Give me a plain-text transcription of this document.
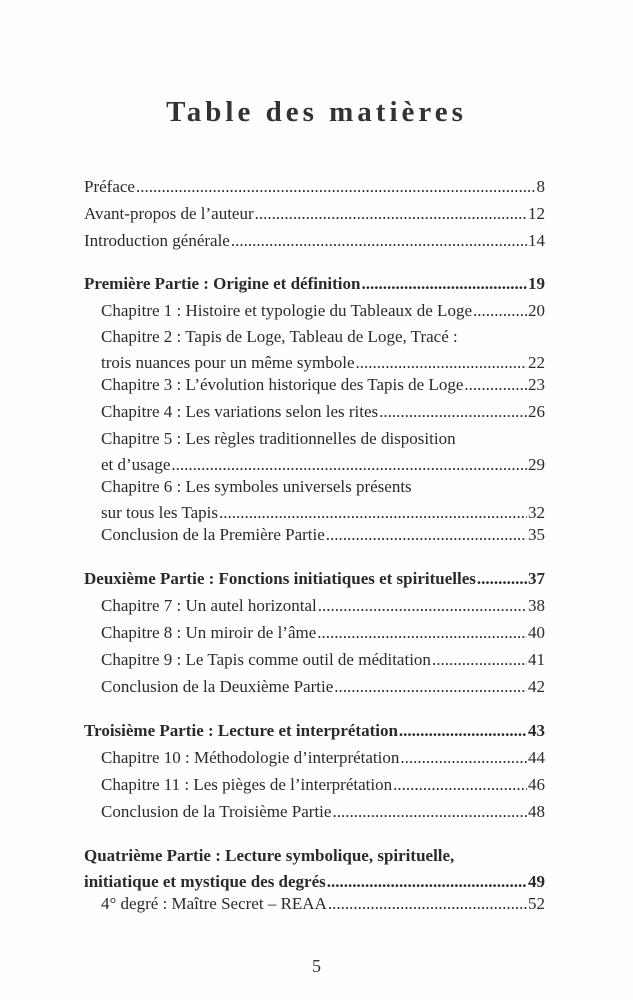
Table des matières
Préface .....	8
Avant-propos de l’auteur .....	12
Introduction générale .....	14
Première Partie : Origine et définition .....	19
Chapitre 1 : Histoire et typologie du Tableaux de Loge .....	20
Chapitre 2 : Tapis de Loge, Tableau de Loge, Tracé :
trois nuances pour un même symbole .....	22
Chapitre 3 : L’évolution historique des Tapis de Loge .....	23
Chapitre 4 : Les variations selon les rites .....	26
Chapitre 5 : Les règles traditionnelles de disposition
et d’usage .....	29
Chapitre 6 : Les symboles universels présents
sur tous les Tapis .....	32
Conclusion de la Première Partie .....	35
Deuxième Partie : Fonctions initiatiques et spirituelles .....	37
Chapitre 7 : Un autel horizontal .....	38
Chapitre 8 : Un miroir de l’âme .....	40
Chapitre 9 : Le Tapis comme outil de méditation .....	41
Conclusion de la Deuxième Partie .....	42
Troisième Partie : Lecture et interprétation .....	43
Chapitre 10 : Méthodologie d’interprétation .....	44
Chapitre 11 : Les pièges de l’interprétation .....	46
Conclusion de la Troisième Partie .....	48
Quatrième Partie : Lecture symbolique, spirituelle,
initiatique et mystique des degrés .....	49
4° degré : Maître Secret – REAA .....	52
5
